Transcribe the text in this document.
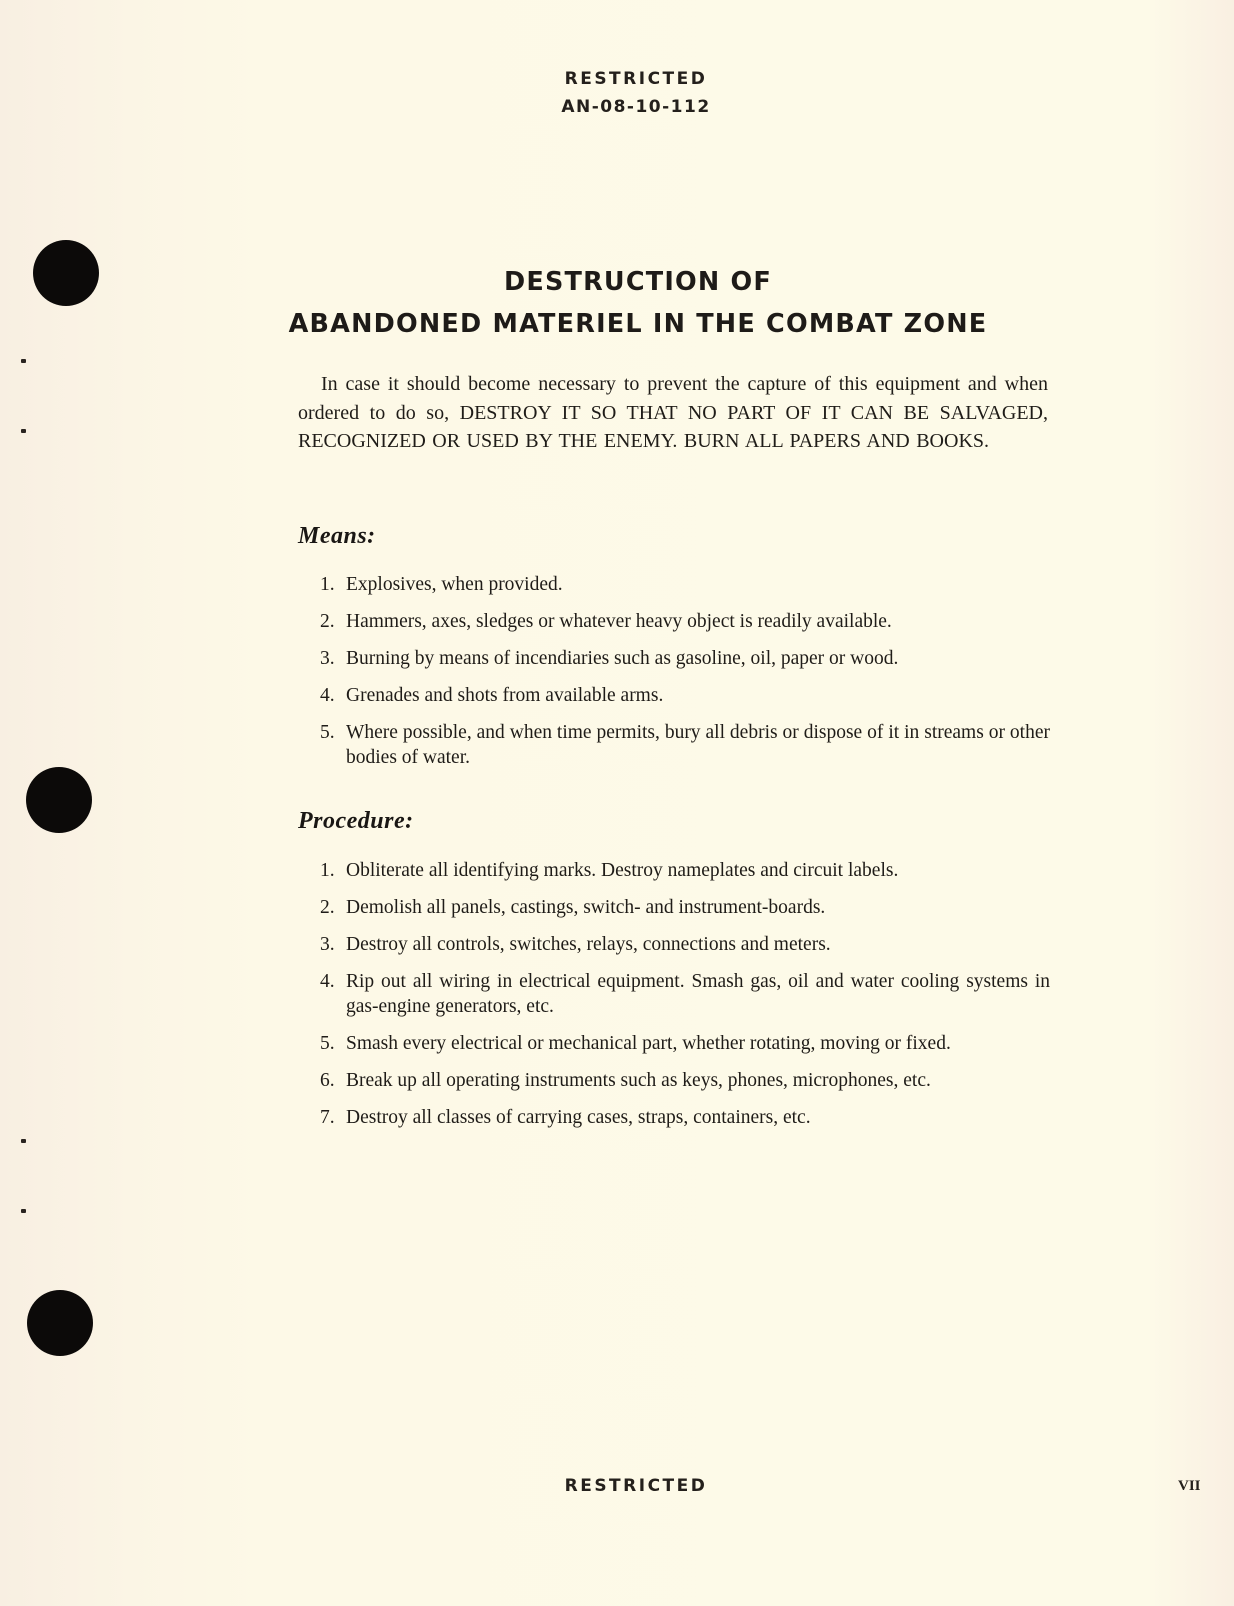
RESTRICTED
AN-08-10-112
DESTRUCTION OF
ABANDONED MATERIEL IN THE COMBAT ZONE

In case it should become necessary to prevent the capture of this equipment and when ordered to do so, DESTROY IT SO THAT NO PART OF IT CAN BE SALVAGED, RECOGNIZED OR USED BY THE ENEMY. BURN ALL PAPERS AND BOOKS.

Means:
1. Explosives, when provided.
2. Hammers, axes, sledges or whatever heavy object is readily available.
3. Burning by means of incendiaries such as gasoline, oil, paper or wood.
4. Grenades and shots from available arms.
5. Where possible, and when time permits, bury all debris or dispose of it in streams or other bodies of water.
Procedure:
1. Obliterate all identifying marks. Destroy nameplates and circuit labels.
2. Demolish all panels, castings, switch- and instrument-boards.
3. Destroy all controls, switches, relays, connections and meters.
4. Rip out all wiring in electrical equipment. Smash gas, oil and water cooling systems in gas-engine generators, etc.
5. Smash every electrical or mechanical part, whether rotating, moving or fixed.
6. Break up all operating instruments such as keys, phones, microphones, etc.
7. Destroy all classes of carrying cases, straps, containers, etc.
RESTRICTED	VII
